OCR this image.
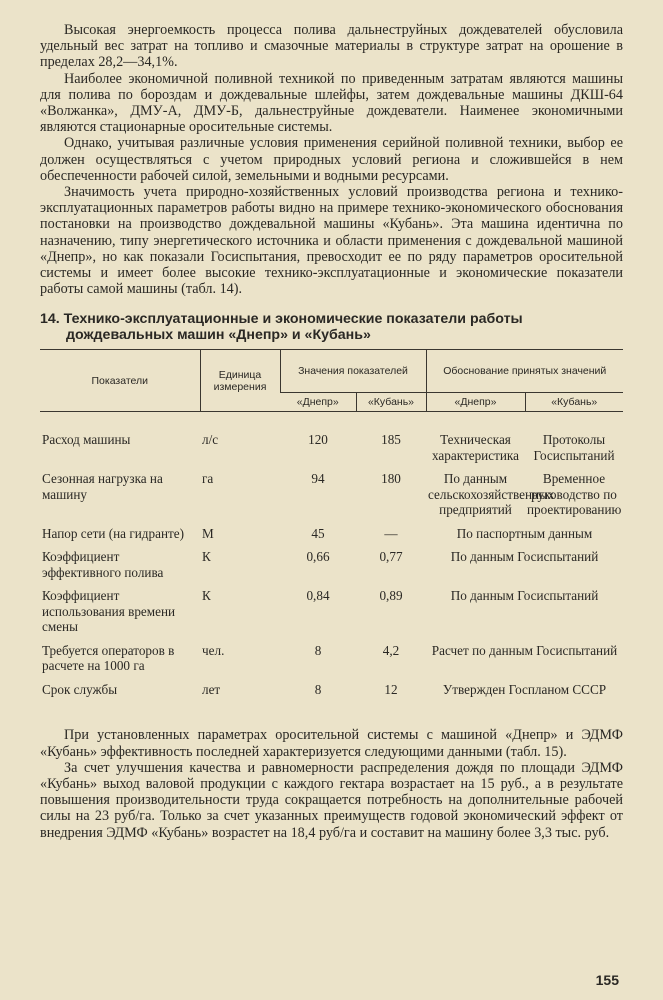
Высокая энергоемкость процесса полива дальнеструйных дождевателей обусловила удельный вес затрат на топливо и смазочные материалы в структуре затрат на орошение в пределах 28,2—34,1%.

Наиболее экономичной поливной техникой по приведенным затратам являются машины для полива по бороздам и дождевальные шлейфы, затем дождевальные машины ДКШ-64 «Волжанка», ДМУ-А, ДМУ-Б, дальнеструйные дождеватели. Наименее экономичными являются стационарные оросительные системы.

Однако, учитывая различные условия применения серийной поливной техники, выбор ее должен осуществляться с учетом природных условий региона и сложившейся в нем обеспеченности рабочей силой, земельными и водными ресурсами.

Значимость учета природно-хозяйственных условий производства региона и технико-эксплуатационных параметров работы видно на примере технико-экономического обоснования постановки на производство дождевальной машины «Кубань». Эта машина идентична по назначению, типу энергетического источника и области применения с дождевальной машиной «Днепр», но как показали Госиспытания, превосходит ее по ряду параметров оросительной системы и имеет более высокие технико-эксплуатационные и экономические показатели работы самой машины (табл. 14).

14. Технико-эксплуатационные и экономические показатели работы
дождевальных машин «Днепр» и «Кубань»
Показатели	Единица измерения	Значения показателей		Обоснование принятых значений	
		«Днепр»	«Кубань»	«Днепр»	«Кубань»
Расход машины	л/с	120	185	Техническая характеристика	Протоколы Госиспытаний
Сезонная нагрузка на машину	га	94	180	По данным сельскохозяйственных предприятий	Временное руководство по проектированию
Напор сети (на гидранте)	М	45	—	По паспортным данным	
Коэффициент эффективного полива	К	0,66	0,77	По данным Госиспытаний	
Коэффициент использования времени смены	К	0,84	0,89	По данным Госиспытаний	
Требуется операторов в расчете на 1000 га	чел.	8	4,2	Расчет по данным Госиспытаний	
Срок службы	лет	8	12	Утвержден Госпланом СССР	

При установленных параметрах оросительной системы с машиной «Днепр» и ЭДМФ «Кубань» эффективность последней характеризуется следующими данными (табл. 15).

За счет улучшения качества и равномерности распределения дождя по площади ЭДМФ «Кубань» выход валовой продукции с каждого гектара возрастает на 15 руб., а в результате повышения производительности труда сокращается потребность на дополнительные рабочей силы на 23 руб/га. Только за счет указанных преимуществ годовой экономический эффект от внедрения ЭДМФ «Кубань» возрастет на 18,4 руб/га и составит на машину более 3,3 тыс. руб.

155
